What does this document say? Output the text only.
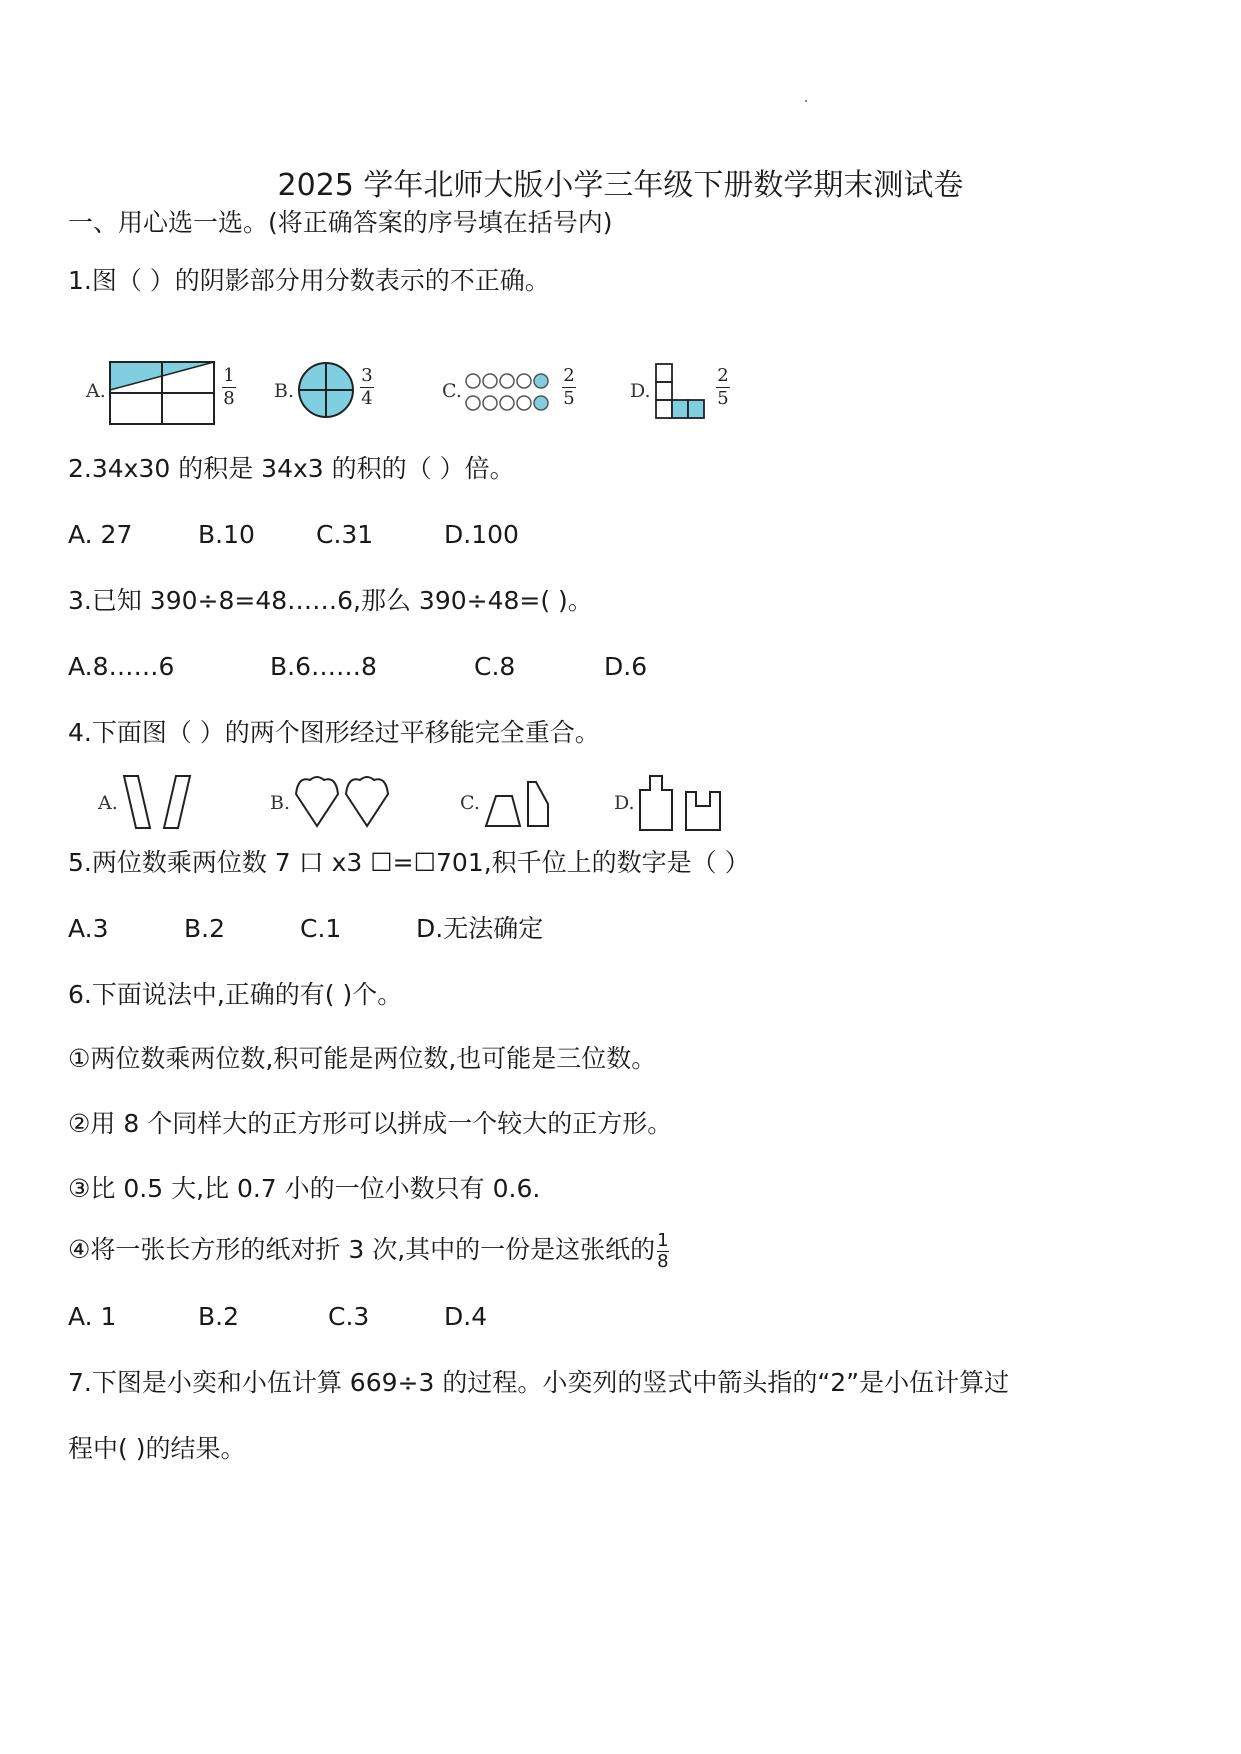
2025 学年北师大版小学三年级下册数学期末测试卷
一、用心选一选。(将正确答案的序号填在括号内)
1.图（ ）的阴影部分用分数表示的不正确。
A.
1
8 B.
3
4	C.
2
5	D.
2
5
2.34x30 的积是 34x3 的积的（ ）倍。
A. 27	B.10 C.31	D.100
3.已知 390÷8=48……6,那么 390÷48=( )。
A.8……6	B.6……8	C.8	D.6
4.下面图（ ）的两个图形经过平移能完全重合。
A.	B.	C.	D.
5.两位数乘两位数 7 口 x3 ☐=☐701,积千位上的数字是（ ）
A.3	B.2	C.1	D.无法确定
6.下面说法中,正确的有( )个。
①两位数乘两位数,积可能是两位数,也可能是三位数。
②用 8 个同样大的正方形可以拼成一个较大的正方形。
③比 0.5 大,比 0.7 小的一位小数只有 0.6.
④将一张长方形的纸对折 3 次,其中的一份是这张纸的 $\frac{1}{8}$
A. 1	B.2	C.3	D.4
7.下图是小奕和小伍计算 669÷3 的过程。小奕列的竖式中箭头指的“2”是小伍计算过
程中( )的结果。
